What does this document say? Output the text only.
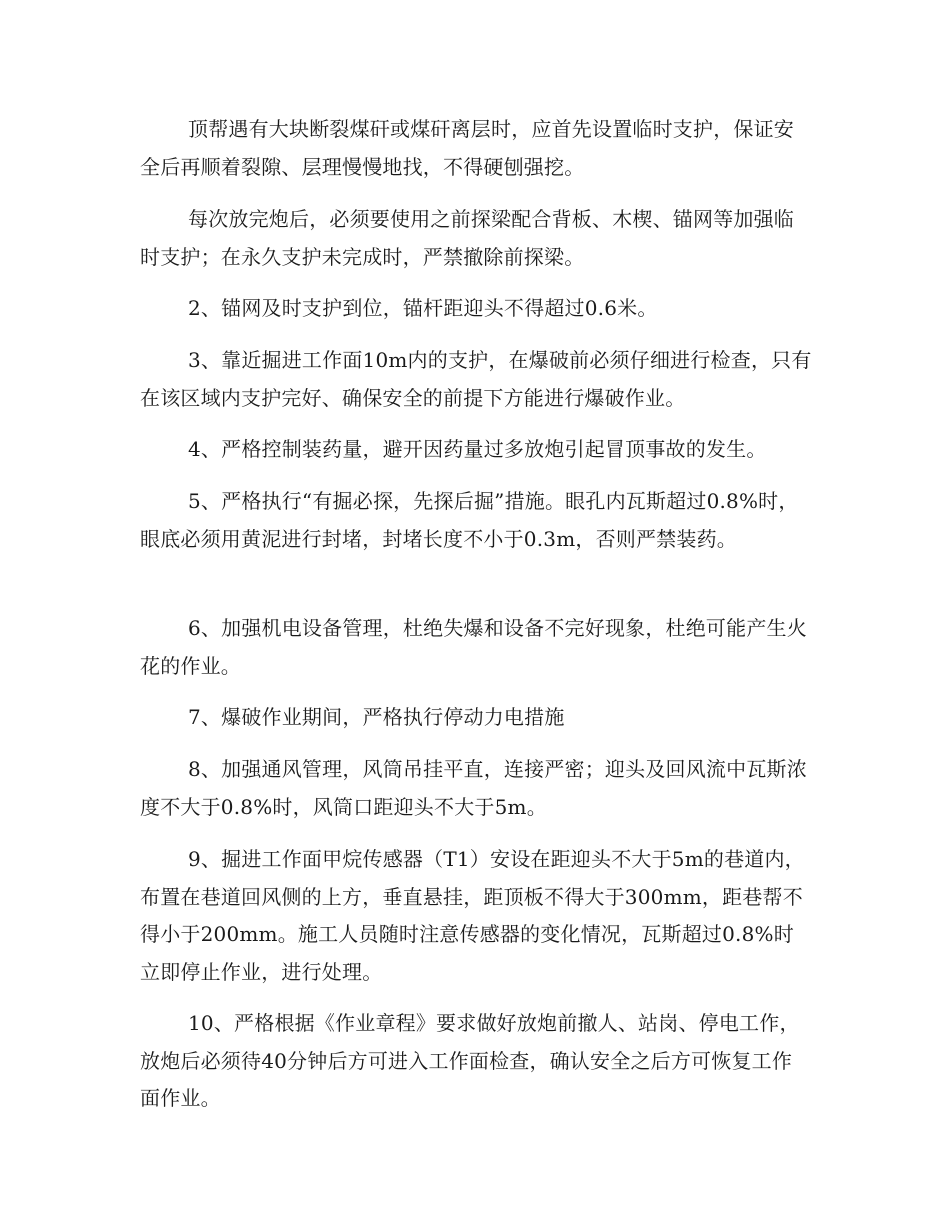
顶帮遇有大块断裂煤矸或煤矸离层时，应首先设置临时支护，保证安全后再顺着裂隙、层理慢慢地找，不得硬刨强挖。

每次放完炮后，必须要使用之前探梁配合背板、木楔、锚网等加强临时支护；在永久支护未完成时，严禁撤除前探梁。

2、锚网及时支护到位，锚杆距迎头不得超过0.6米。

3、靠近掘进工作面10m内的支护，在爆破前必须仔细进行检查，只有在该区域内支护完好、确保安全的前提下方能进行爆破作业。

4、严格控制装药量，避开因药量过多放炮引起冒顶事故的发生。

5、严格执行“有掘必探，先探后掘”措施。眼孔内瓦斯超过0.8%时，眼底必须用黄泥进行封堵，封堵长度不小于0.3m，否则严禁装药。

6、加强机电设备管理，杜绝失爆和设备不完好现象，杜绝可能产生火花的作业。

7、爆破作业期间，严格执行停动力电措施

8、加强通风管理，风筒吊挂平直，连接严密；迎头及回风流中瓦斯浓度不大于0.8%时，风筒口距迎头不大于5m。

9、掘进工作面甲烷传感器（T1）安设在距迎头不大于5m的巷道内，布置在巷道回风侧的上方，垂直悬挂，距顶板不得大于300mm，距巷帮不得小于200mm。施工人员随时注意传感器的变化情况，瓦斯超过0.8%时立即停止作业，进行处理。

10、严格根据《作业章程》要求做好放炮前撤人、站岗、停电工作，放炮后必须待40分钟后方可进入工作面检查，确认安全之后方可恢复工作面作业。
